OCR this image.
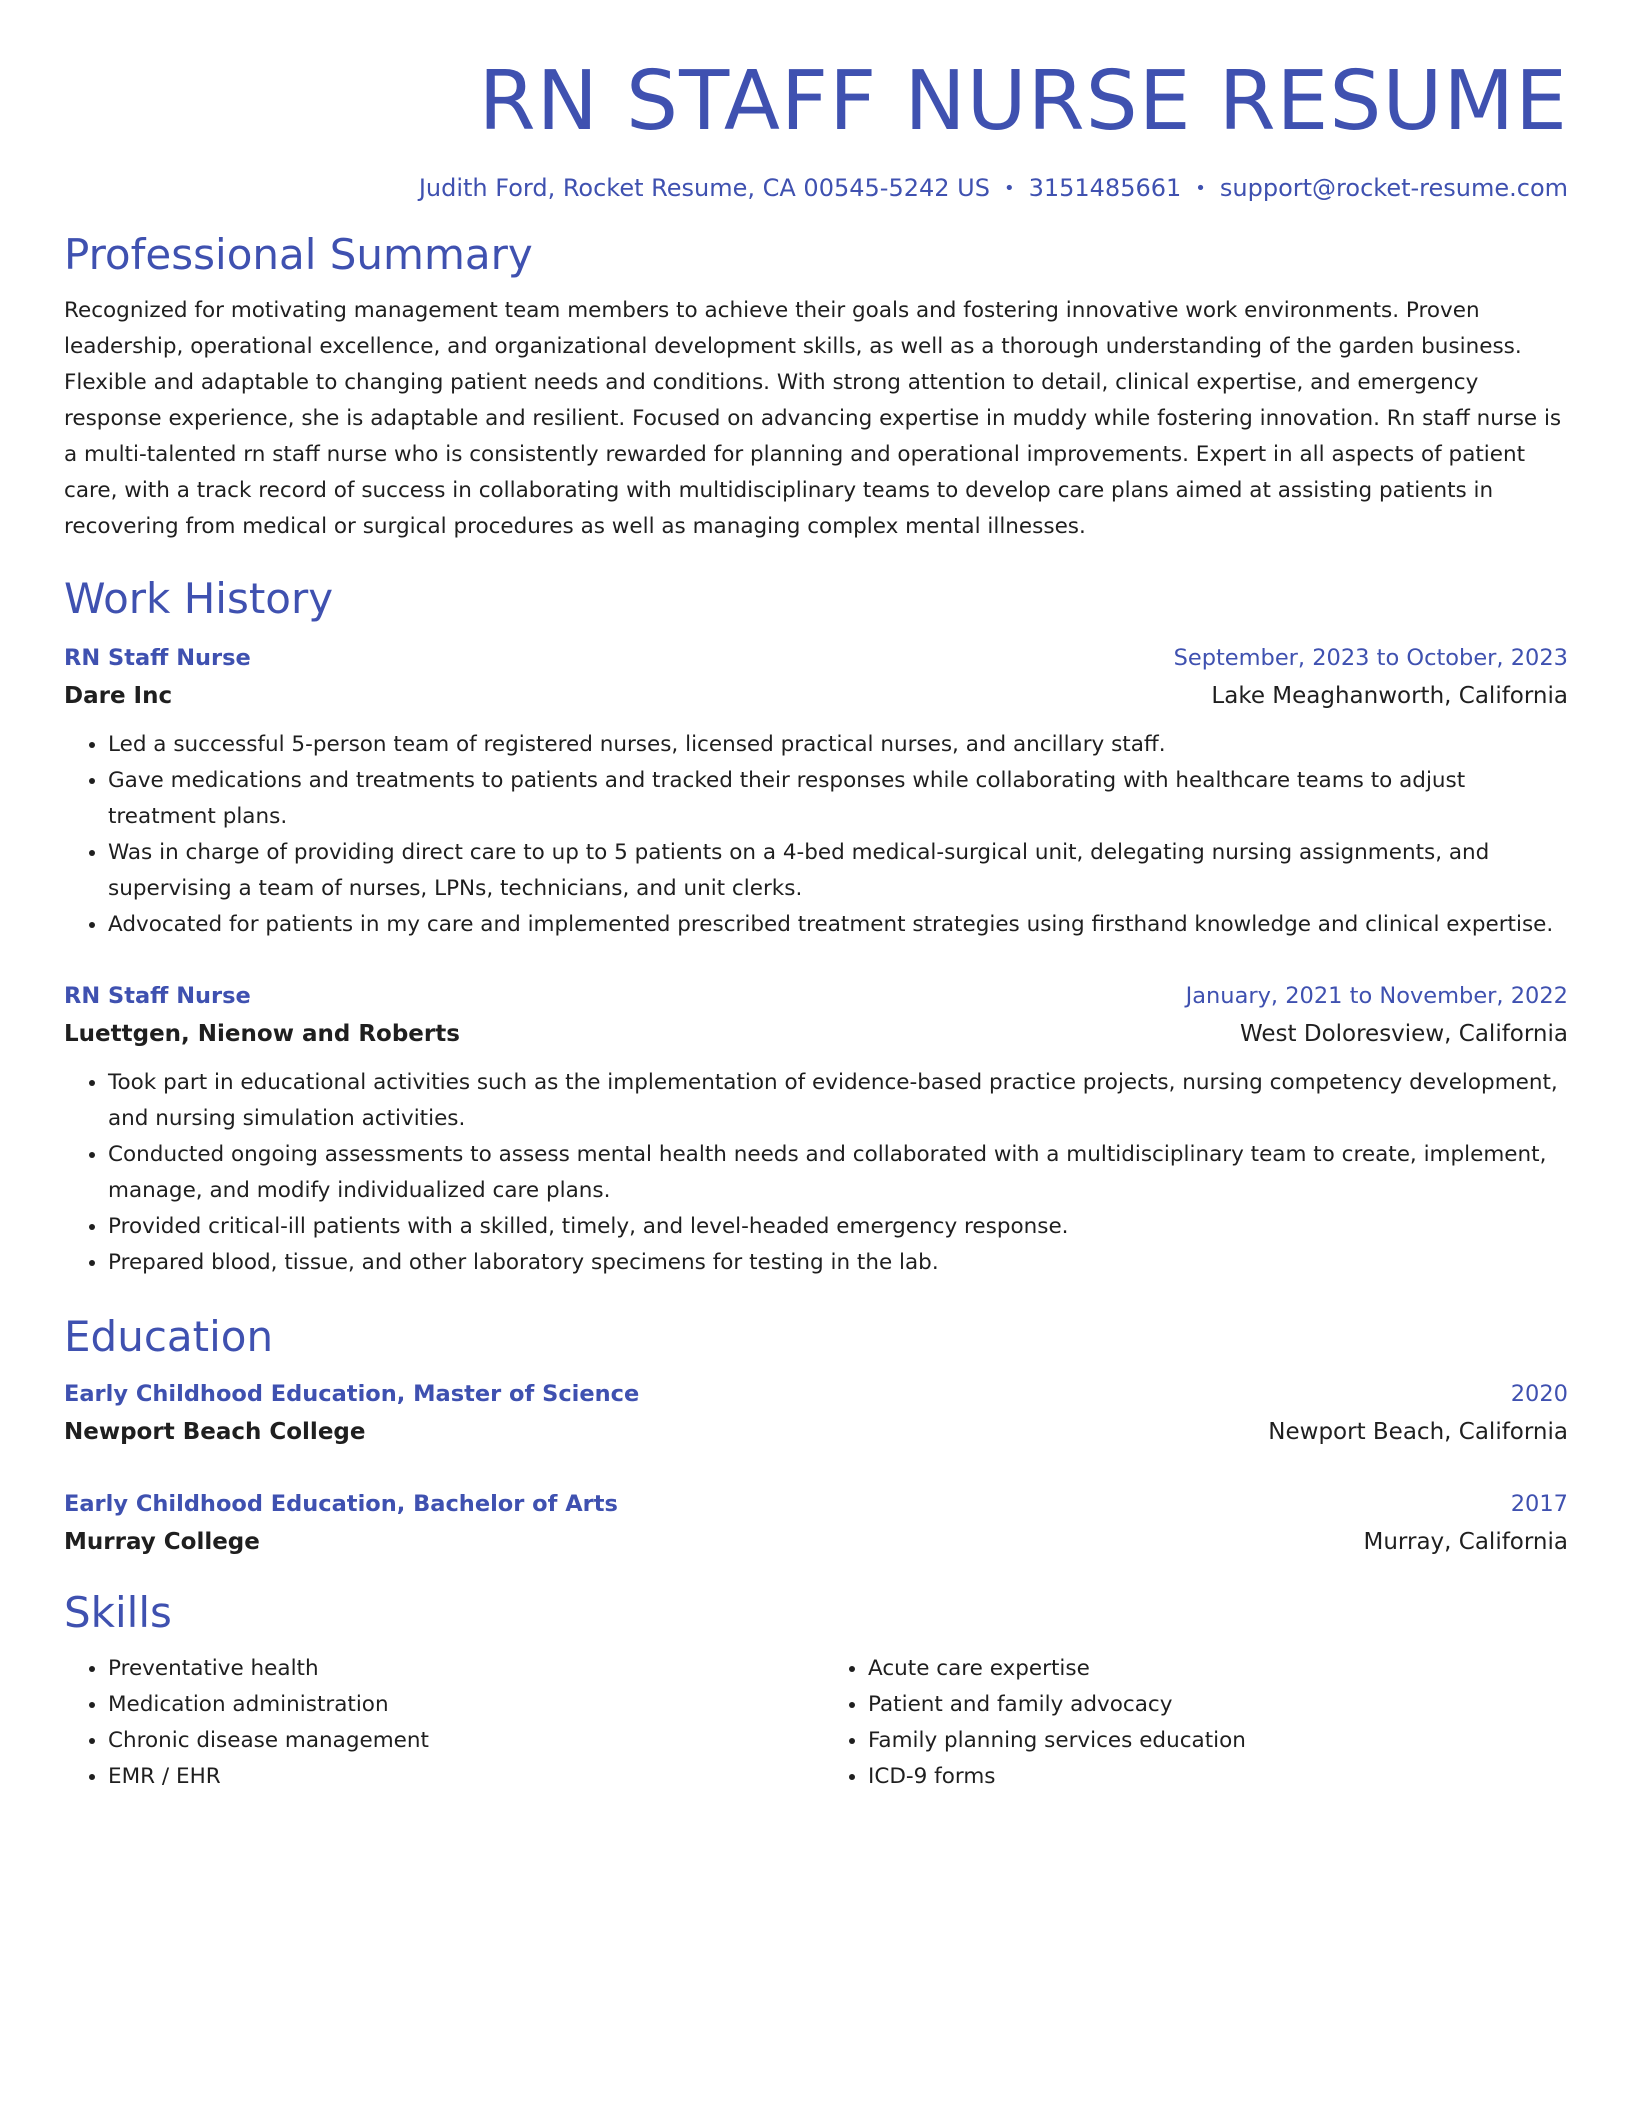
RN STAFF NURSE RESUME
Judith Ford, Rocket Resume, CA 00545-5242 US • 3151485661 • support@rocket-resume.com
Professional Summary

Recognized for motivating management team members to achieve their goals and fostering innovative work environments. Proven leadership, operational excellence, and organizational development skills, as well as a thorough understanding of the garden business. Flexible and adaptable to changing patient needs and conditions. With strong attention to detail, clinical expertise, and emergency response experience, she is adaptable and resilient. Focused on advancing expertise in muddy while fostering innovation. Rn staff nurse is a multi-talented rn staff nurse who is consistently rewarded for planning and operational improvements. Expert in all aspects of patient care, with a track record of success in collaborating with multidisciplinary teams to develop care plans aimed at assisting patients in recovering from medical or surgical procedures as well as managing complex mental illnesses.

Work History
RN Staff Nurse	September, 2023 to October, 2023
Dare Inc	Lake Meaghanworth, California
• Led a successful 5-person team of registered nurses, licensed practical nurses, and ancillary staff.
• Gave medications and treatments to patients and tracked their responses while collaborating with healthcare teams to adjust treatment plans.
• Was in charge of providing direct care to up to 5 patients on a 4-bed medical-surgical unit, delegating nursing assignments, and supervising a team of nurses, LPNs, technicians, and unit clerks.
• Advocated for patients in my care and implemented prescribed treatment strategies using firsthand knowledge and clinical expertise.
RN Staff Nurse	January, 2021 to November, 2022
Luettgen, Nienow and Roberts	West Doloresview, California
• Took part in educational activities such as the implementation of evidence-based practice projects, nursing competency development, and nursing simulation activities.
• Conducted ongoing assessments to assess mental health needs and collaborated with a multidisciplinary team to create, implement, manage, and modify individualized care plans.
• Provided critical-ill patients with a skilled, timely, and level-headed emergency response.
• Prepared blood, tissue, and other laboratory specimens for testing in the lab.
Education
Early Childhood Education, Master of Science	2020
Newport Beach College	Newport Beach, California
Early Childhood Education, Bachelor of Arts	2017
Murray College	Murray, California
Skills
• Preventative health
• Medication administration
• Chronic disease management
• EMR / EHR
• Acute care expertise
• Patient and family advocacy
• Family planning services education
• ICD-9 forms
